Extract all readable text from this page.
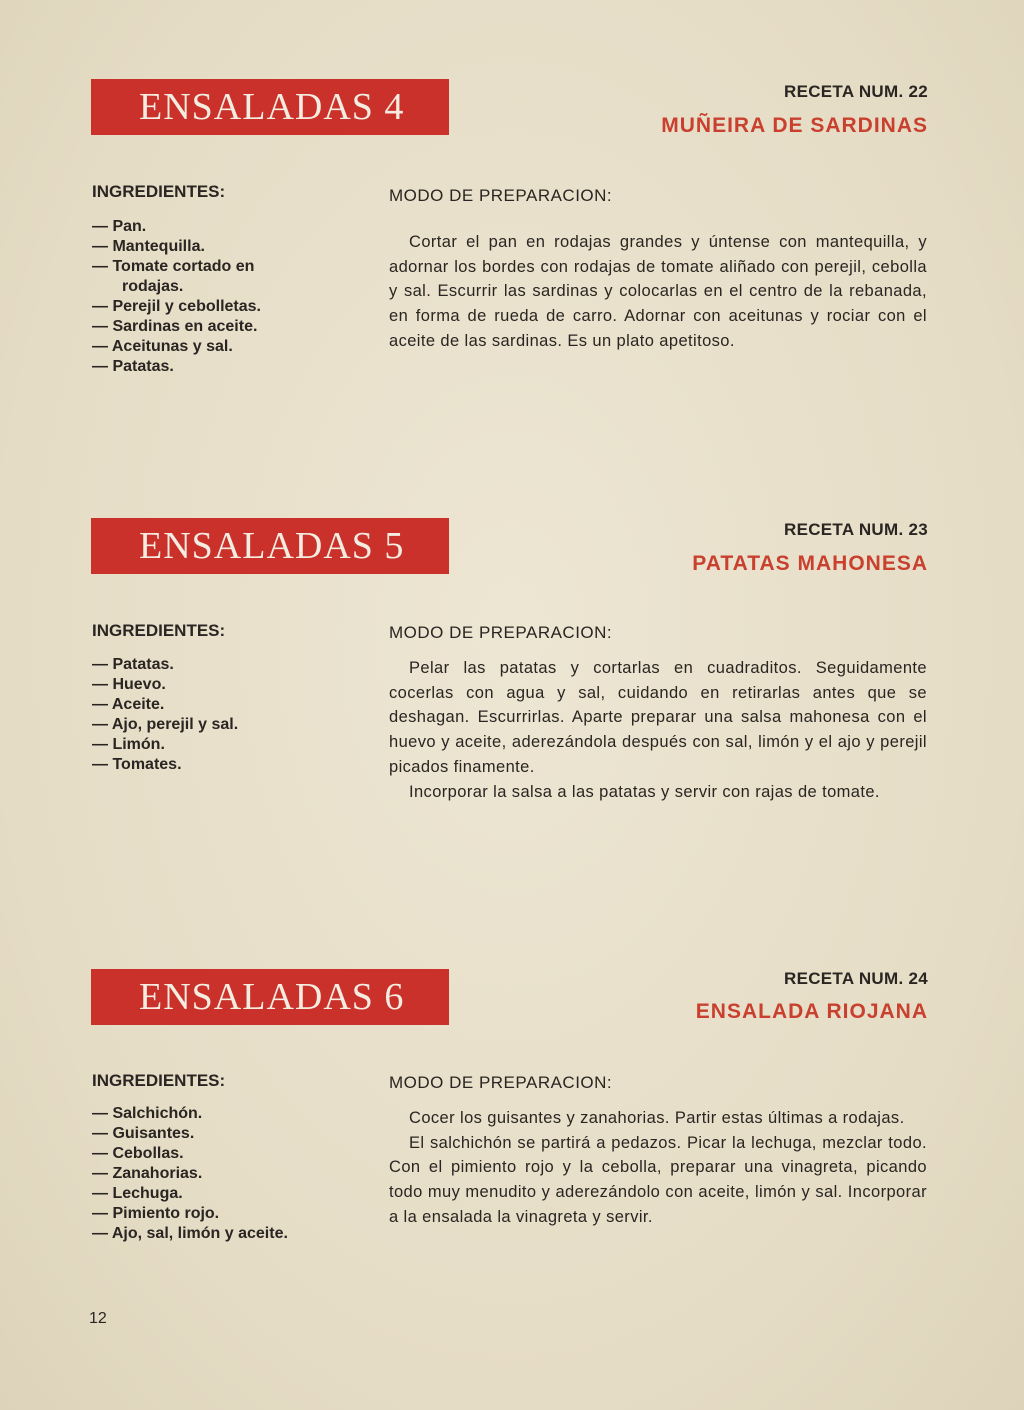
ENSALADAS 4	RECETA NUM. 22
MUÑEIRA DE SARDINAS
INGREDIENTES:
— Pan.
— Mantequilla.
— Tomate cortado en rodajas.
— Perejil y cebolletas.
— Sardinas en aceite.
— Aceitunas y sal.
— Patatas.
MODO DE PREPARACION:

Cortar el pan en rodajas grandes y úntense con mantequilla, y adornar los bordes con rodajas de tomate aliñado con perejil, cebolla y sal. Escurrir las sardinas y colocarlas en el centro de la rebanada, en forma de rueda de carro. Adornar con aceitunas y rociar con el aceite de las sardinas. Es un plato apetitoso.

ENSALADAS 5	RECETA NUM. 23
PATATAS MAHONESA
INGREDIENTES:
— Patatas.
— Huevo.
— Aceite.
— Ajo, perejil y sal.
— Limón.
— Tomates.
MODO DE PREPARACION:

Pelar las patatas y cortarlas en cuadraditos. Seguidamente cocerlas con agua y sal, cuidando en retirarlas antes que se deshagan. Escurrirlas. Aparte preparar una salsa mahonesa con el huevo y aceite, aderezándola después con sal, limón y el ajo y perejil picados finamente.

Incorporar la salsa a las patatas y servir con rajas de tomate.

ENSALADAS 6	RECETA NUM. 24
ENSALADA RIOJANA
INGREDIENTES:
— Salchichón.
— Guisantes.
— Cebollas.
— Zanahorias.
— Lechuga.
— Pimiento rojo.
— Ajo, sal, limón y aceite.
MODO DE PREPARACION:

Cocer los guisantes y zanahorias. Partir estas últimas a rodajas.

El salchichón se partirá a pedazos. Picar la lechuga, mezclar todo. Con el pimiento rojo y la cebolla, preparar una vinagreta, picando todo muy menudito y aderezándolo con aceite, limón y sal. Incorporar a la ensalada la vinagreta y servir.

12
